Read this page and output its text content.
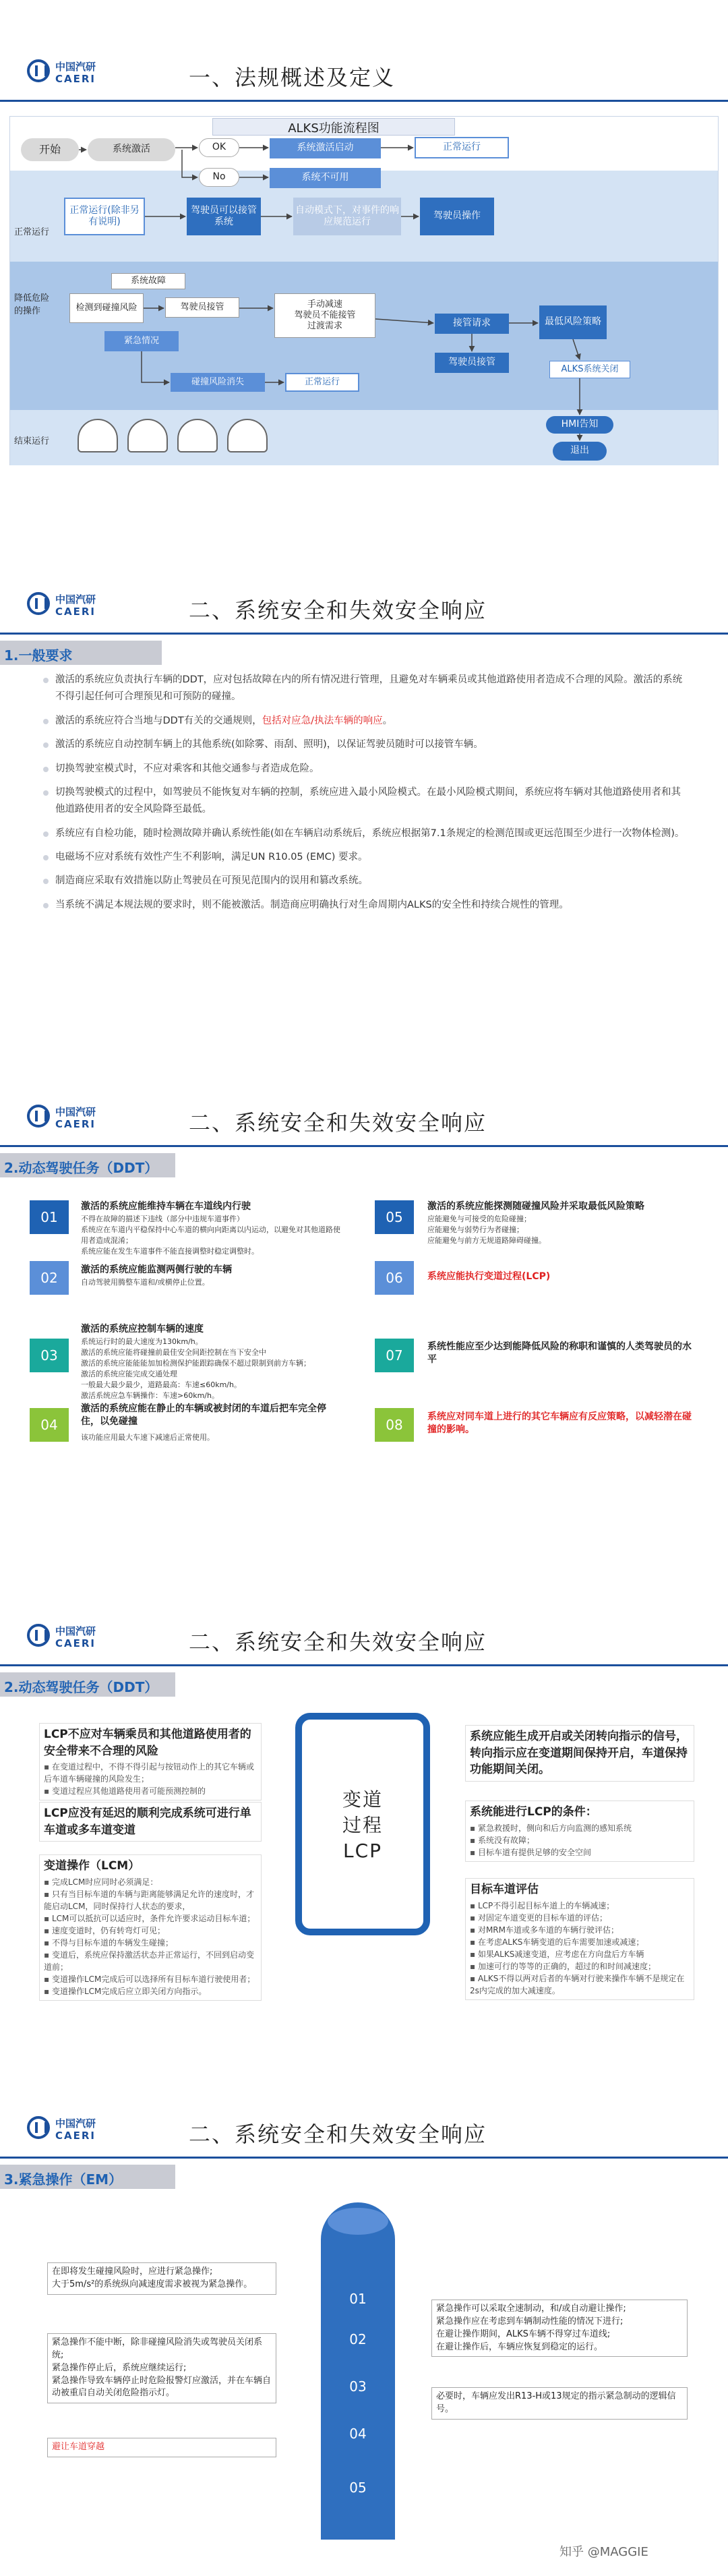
中国汽研
CAERI	一、法规概述及定义
ALKS功能流程图
正常运行
降低危险的操作
结束运行
开始	系统激活	OK
No
系统激活启动
系统不可用
正常运行
正常运行(除非另有说明)
驾驶员可以接管系统
自动模式下，对事件的响应规范运行
驾驶员操作
系统故障
检测到碰撞风险	驾驶员接管
紧急情况
手动减速
驾驶员不能接管
过渡需求	接管请求	最低风险策略
驾驶员接管
碰撞风险消失	正常运行
ALKS系统关闭
HMI告知
退出
中国汽研
CAERI	二、系统安全和失效安全响应
1.一般要求
激活的系统应负责执行车辆的DDT，应对包括故障在内的所有情况进行管理，且避免对车辆乘员或其他道路使用者造成不合理的风险。激活的系统不得引起任何可合理预见和可预防的碰撞。
激活的系统应符合当地与DDT有关的交通规则，包括对应急/执法车辆的响应。
激活的系统应自动控制车辆上的其他系统(如除雾、雨刮、照明)，以保证驾驶员随时可以接管车辆。
切换驾驶室模式时，不应对乘客和其他交通参与者造成危险。
切换驾驶模式的过程中，如驾驶员不能恢复对车辆的控制，系统应进入最小风险模式。在最小风险模式期间，系统应将车辆对其他道路使用者和其他道路使用者的安全风险降至最低。
系统应有自检功能，随时检测故障并确认系统性能(如在车辆启动系统后，系统应根据第7.1条规定的检测范围或更远范围至少进行一次物体检测)。
电磁场不应对系统有效性产生不利影响，满足UN R10.05 (EMC) 要求。
制造商应采取有效措施以防止驾驶员在可预见范围内的误用和篡改系统。
当系统不满足本规法规的要求时，则不能被激活。制造商应明确执行对生命周期内ALKS的安全性和持续合规性的管理。
中国汽研
CAERI	二、系统安全和失效安全响应
2.动态驾驶任务（DDT）
01
激活的系统应能维持车辆在车道线内行驶
不得在故障的描述下违线（部分中违规车道事件）
系统应在车道内平稳保持中心车道的横向向距离以内运动，以避免对其他道路使用者造成混淆；
系统应能在发生车道事件不能直接调整时稳定调整时。
02	激活的系统应能监测两侧行驶的车辆
自动驾驶用腾整车道和/或横停止位置。
03
激活的系统应控制车辆的速度
系统运行时的最大速度为130km/h。
激活的系统应能将碰撞前最佳安全间距控制在当下安全中
激活的系统应能能能加加检测保护能跟踪确保不超过限制到前方车辆；
激活的系统应能完成交通处理
一般最大最少最少，道路最高：车速≤60km/h。
激活系统应急车辆操作：车速>60km/h。
04
激活的系统应能在静止的车辆或被封闭的车道后把车完全停住，以免碰撞
该功能应用最大车速下减速后正常使用。
05
激活的系统应能探测随碰撞风险并采取最低风险策略
应能避免与可接受的危险碰撞；
应能避免与弱势行为者碰撞；
应能避免与前方无规道路障碍碰撞。
06	系统应能执行变道过程(LCP)
07
系统性能应至少达到能降低风险的称职和谨慎的人类驾驶员的水平
08	系统应对同车道上进行的其它车辆应有反应策略，以减轻潜在碰撞的影响。
中国汽研
CAERI	二、系统安全和失效安全响应
2.动态驾驶任务（DDT）
变道
过程
LCP
LCP不应对车辆乘员和其他道路使用者的安全带来不合理的风险
▪ 在变道过程中，不得不得引起与按钮动作上的其它车辆或后车道车辆碰撞的风险发生；
▪ 变道过程应其他道路使用者可能预测控制的
LCP应没有延迟的顺利完成系统可进行单车道或多车道变道
变道操作（LCM）
▪ 完成LCM时应同时必须满足：
▪ 只有当目标车道的车辆与距离能够满足允许的速度时，才能启动LCM，同时保持行人状态的要求，
▪ LCM可以抵抗可以适应时，条件允许要求运动目标车道；
▪ 速度变道时，仍有转弯灯可见；
▪ 不得与目标车道的车辆发生碰撞；
▪ 变道后，系统应保持激活状态并正常运行，不回到启动变道前；
▪ 变道操作LCM完成后可以选择所有目标车道行驶使用者；
▪ 变道操作LCM完成后应立即关闭方向指示。
系统应能生成开启或关闭转向指示的信号，转向指示应在变道期间保持开启，车道保持功能期间关闭。
系统能进行LCP的条件：
▪ 紧急救援时，侧向和后方向监测的感知系统
▪ 系统没有故障；
▪ 目标车道有提供足够的安全空间
目标车道评估
▪ LCP不得引起目标车道上的车辆减速；
▪ 对固定车道变更的目标车道的评估；
▪ 对MRM车道或多车道的车辆行驶评估；
▪ 在考虑ALKS车辆变道的后车需要加速或减速；
▪ 如果ALKS减速变道，应考虑在方向盘后方车辆
▪ 加速可行的等等的正确的，超过的和时间减速度；
▪ ALKS不得以两对后者的车辆对行驶来操作车辆不是规定在2s内完成的加大减速度。
中国汽研
CAERI	二、系统安全和失效安全响应
3.紧急操作（EM）
01
02
03
04
05
在即将发生碰撞风险时，应进行紧急操作;
大于5m/s²的系统纵向减速度需求被视为紧急操作。
紧急操作不能中断，除非碰撞风险消失或驾驶员关闭系统;
紧急操作停止后，系统应继续运行;
紧急操作导致车辆停止时危险报警灯应激活，并在车辆自动被重启自动关闭危险指示灯。
避让车道穿越
紧急操作可以采取全速制动，和/或自动避让操作;
紧急操作应在考虑到车辆制动性能的情况下进行;
在避让操作期间，ALKS车辆不得穿过车道线;
在避让操作后，车辆应恢复到稳定的运行。
必要时，车辆应发出R13-H或13规定的指示紧急制动的逻辑信号。
知乎 @MAGGIE
